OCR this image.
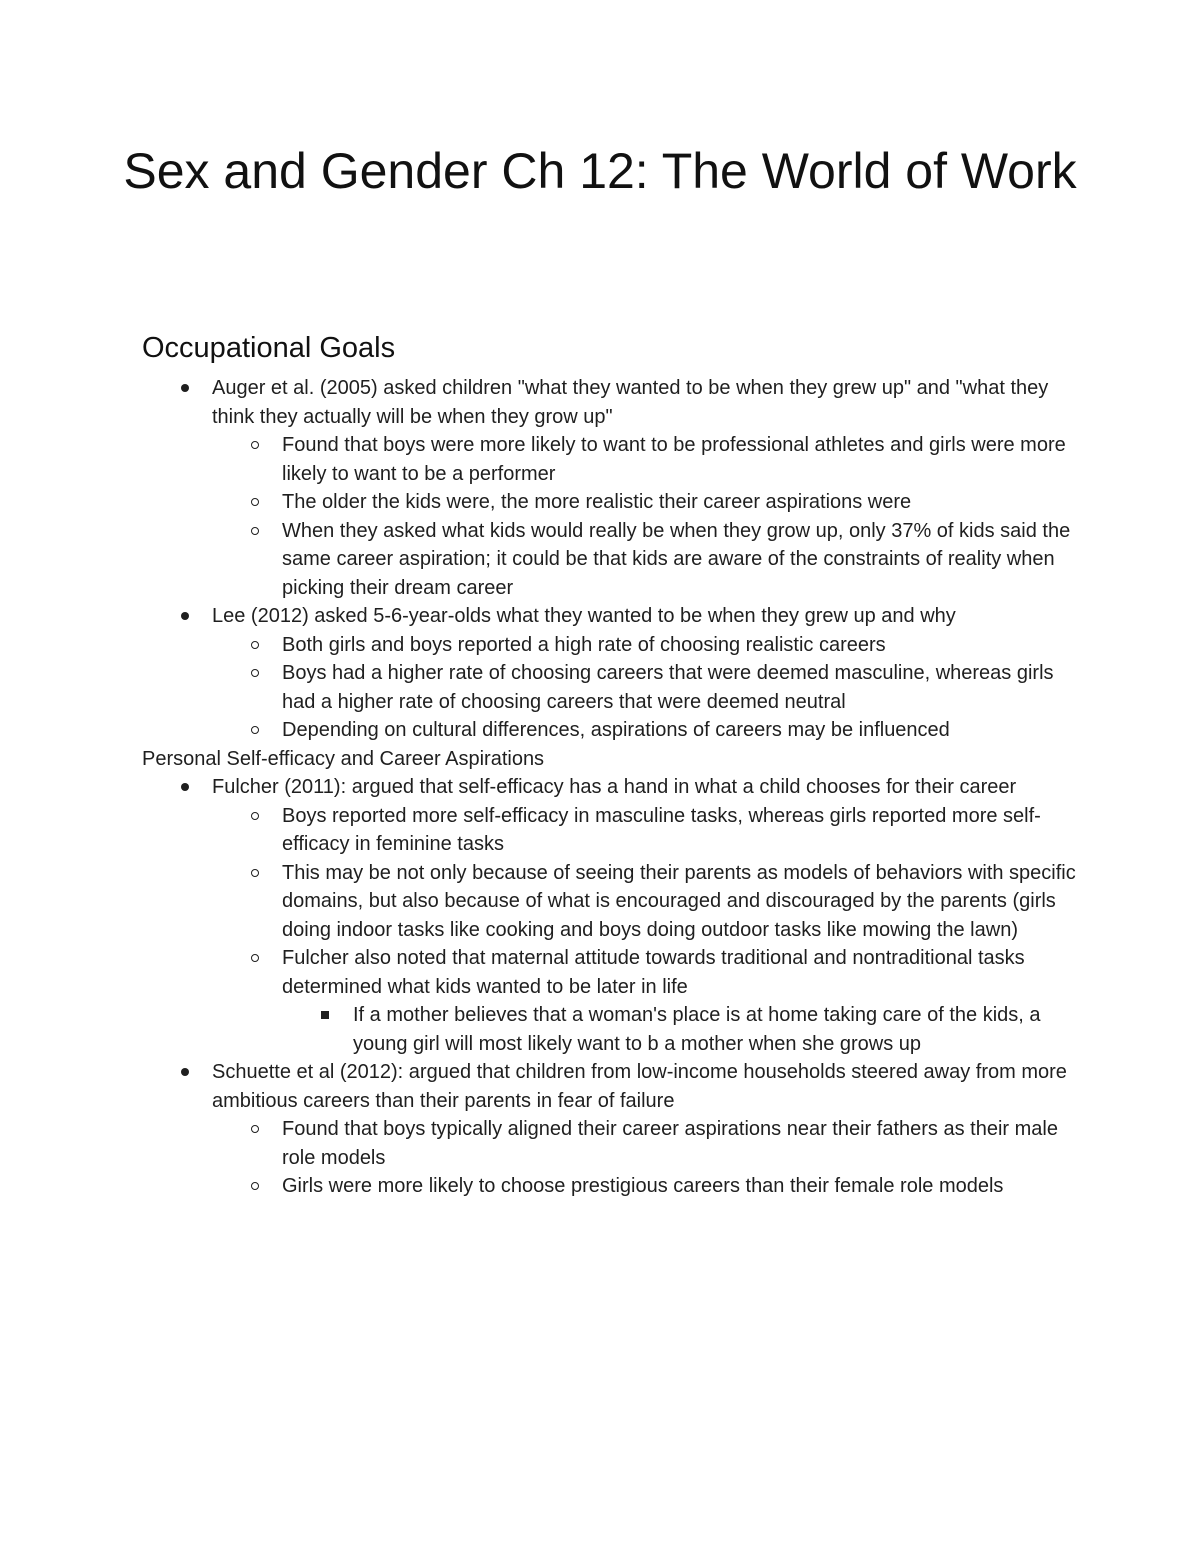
Sex and Gender Ch 12: The World of Work
Occupational Goals
Auger et al. (2005) asked children "what they wanted to be when they grew up" and "what they think they actually will be when they grow up"
Found that boys were more likely to want to be professional athletes and girls were more likely to want to be a performer
The older the kids were, the more realistic their career aspirations were
When they asked what kids would really be when they grow up, only 37% of kids said the same career aspiration; it could be that kids are aware of the constraints of reality when picking their dream career
Lee (2012) asked 5-6-year-olds what they wanted to be when they grew up and why
Both girls and boys reported a high rate of choosing realistic careers
Boys had a higher rate of choosing careers that were deemed masculine, whereas girls had a higher rate of choosing careers that were deemed neutral
Depending on cultural differences, aspirations of careers may be influenced

Personal Self-efficacy and Career Aspirations

Fulcher (2011): argued that self-efficacy has a hand in what a child chooses for their career
Boys reported more self-efficacy in masculine tasks, whereas girls reported more self-efficacy in feminine tasks
This may be not only because of seeing their parents as models of behaviors with specific domains, but also because of what is encouraged and discouraged by the parents (girls doing indoor tasks like cooking and boys doing outdoor tasks like mowing the lawn)
Fulcher also noted that maternal attitude towards traditional and nontraditional tasks determined what kids wanted to be later in life
If a mother believes that a woman's place is at home taking care of the kids, a young girl will most likely want to b a mother when she grows up
Schuette et al (2012): argued that children from low-income households steered away from more ambitious careers than their parents in fear of failure
Found that boys typically aligned their career aspirations near their fathers as their male role models
Girls were more likely to choose prestigious careers than their female role models
